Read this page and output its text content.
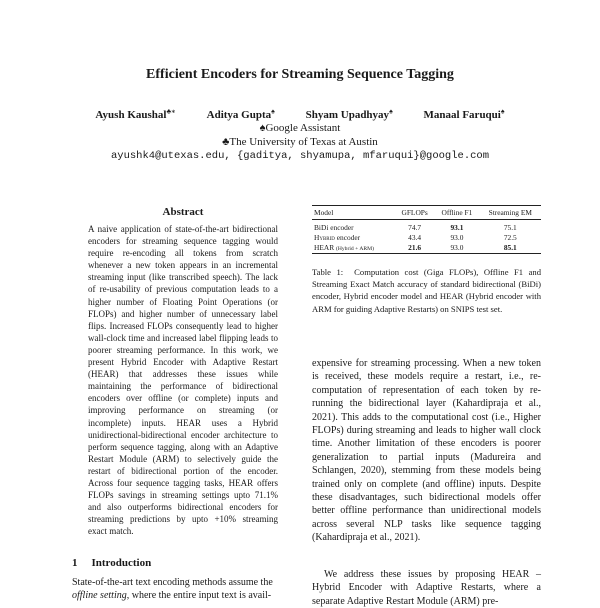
Efficient Encoders for Streaming Sequence Tagging
Ayush Kaushal♣∗	Aditya Gupta♠	Shyam Upadhyay♠	Manaal Faruqui♠
♠Google Assistant
♣The University of Texas at Austin
ayushk4@utexas.edu, {gaditya, shyamupa, mfaruqui}@google.com
Abstract
A naive application of state-of-the-art bidirectional encoders for streaming sequence tagging would require re-encoding all tokens from scratch whenever a new token appears in an incremental streaming input (like transcribed speech). The lack of re-usability of previous computation leads to a higher number of Floating Point Operations (or FLOPs) and higher number of unnecessary label flips. Increased FLOPs consequently lead to higher wall-clock time and increased label flipping leads to poorer streaming performance. In this work, we present Hybrid Encoder with Adaptive Restart (HEAR) that addresses these issues while maintaining the performance of bidirectional encoders over offline (or complete) inputs and improving performance on streaming (or incomplete) inputs. HEAR uses a Hybrid unidirectional-bidirectional encoder architecture to perform sequence tagging, along with an Adaptive Restart Module (ARM) to selectively guide the restart of bidirectional portion of the encoder. Across four sequence tagging tasks, HEAR offers FLOPs savings in streaming settings upto 71.1% and also outperforms bidirectional encoders for streaming predictions by upto +10% streaming exact match.
1 Introduction
State-of-the-art text encoding methods assume the
offline setting, where the entire input text is avail-
Model	GFLOPs	Offline F1	Streaming EM
BiDi encoder	74.7	93.1	75.1
Hybrid encoder	43.4	93.0	72.5
HEAR (Hybrid + ARM)	21.6	93.0	85.1
Table 1: Computation cost (Giga FLOPs), Offline F1 and Streaming Exact Match accuracy of standard bidirectional (BiDi) encoder, Hybrid encoder model and HEAR (Hybrid encoder with ARM for guiding Adaptive Restarts) on SNIPS test set.
expensive for streaming processing. When a new token is received, these models require a restart, i.e., re-computation of representation of each token by re-running the bidirectional layer (Kahardipraja et al., 2021). This adds to the computational cost (i.e., Higher FLOPs) during streaming and leads to higher wall clock time. Another limitation of these encoders is poorer generalization to partial inputs (Madureira and Schlangen, 2020), stemming from these models being trained only on complete (and offline) inputs. Despite these disadvantages, such bidirectional models offer better offline performance than unidirectional models across several NLP tasks like sequence tagging (Kahardipraja et al., 2021).

We address these issues by proposing HEAR – Hybrid Encoder with Adaptive Restarts, where a separate Adaptive Restart Module (ARM) pre-
